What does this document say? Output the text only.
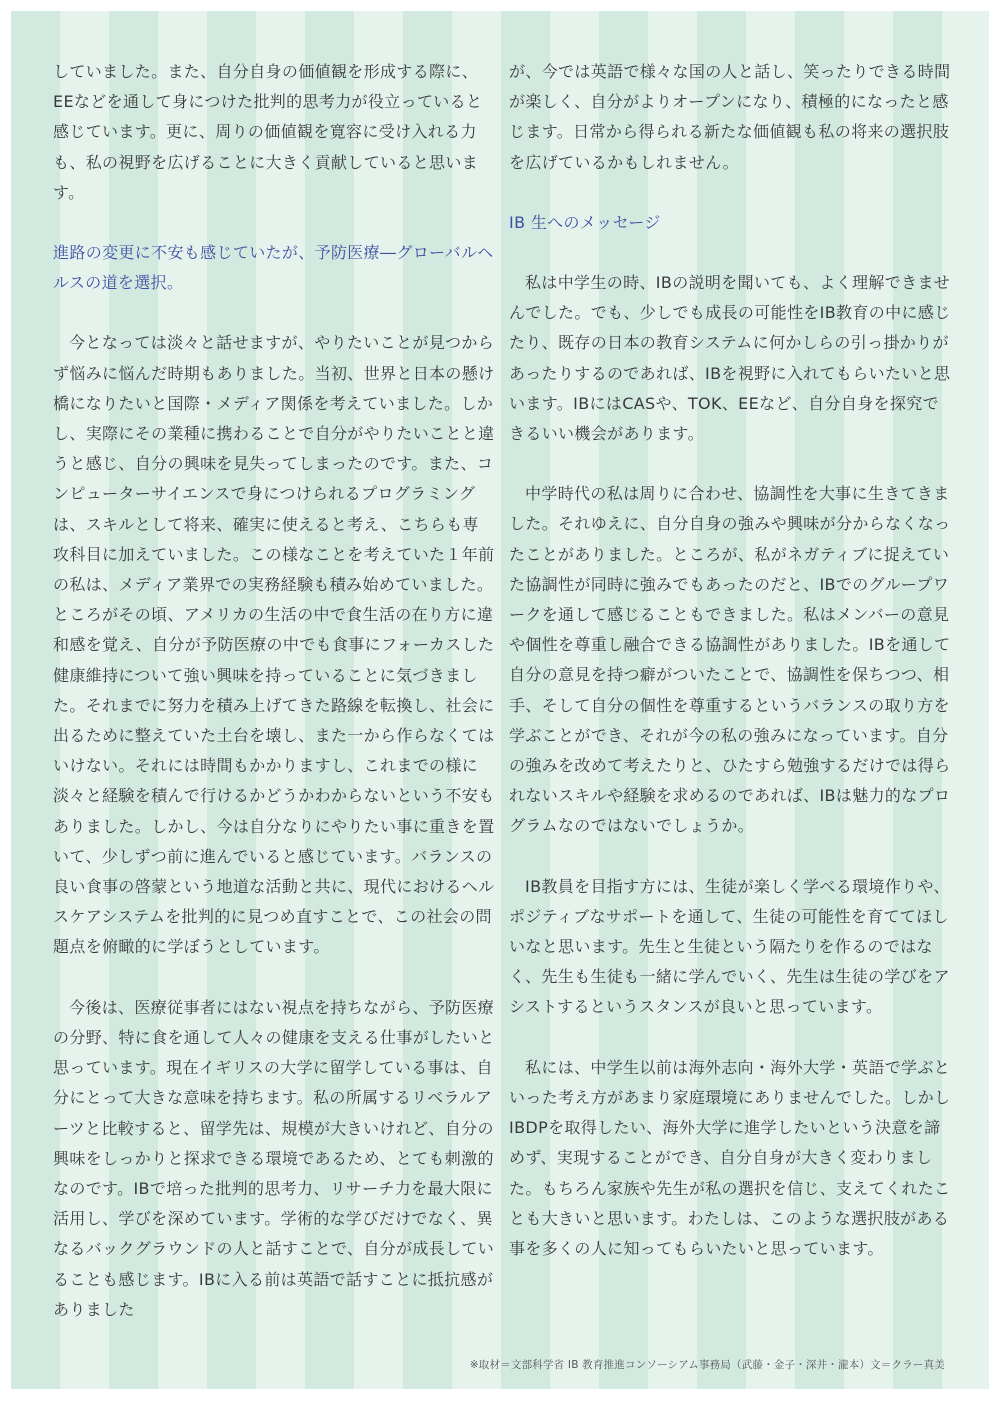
していました。また、自分自身の価値観を形成する際に、EEなどを通して身につけた批判的思考力が役立っていると感じています。更に、周りの価値観を寛容に受け入れる力も、私の視野を広げることに大きく貢献していると思います。

進路の変更に不安も感じていたが、予防医療―グローバルヘルスの道を選択。

今となっては淡々と話せますが、やりたいことが見つからず悩みに悩んだ時期もありました。当初、世界と日本の懸け橋になりたいと国際・メディア関係を考えていました。しかし、実際にその業種に携わることで自分がやりたいことと違うと感じ、自分の興味を見失ってしまったのです。また、コンピューターサイエンスで身につけられるプログラミングは、スキルとして将来、確実に使えると考え、こちらも専攻科目に加えていました。この様なことを考えていた１年前の私は、メディア業界での実務経験も積み始めていました。ところがその頃、アメリカの生活の中で食生活の在り方に違和感を覚え、自分が予防医療の中でも食事にフォーカスした健康維持について強い興味を持っていることに気づきました。それまでに努力を積み上げてきた路線を転換し、社会に出るために整えていた土台を壊し、また一から作らなくてはいけない。それには時間もかかりますし、これまでの様に淡々と経験を積んで行けるかどうかわからないという不安もありました。しかし、今は自分なりにやりたい事に重きを置いて、少しずつ前に進んでいると感じています。バランスの良い食事の啓蒙という地道な活動と共に、現代におけるヘルスケアシステムを批判的に見つめ直すことで、この社会の問題点を俯瞰的に学ぼうとしています。

今後は、医療従事者にはない視点を持ちながら、予防医療の分野、特に食を通して人々の健康を支える仕事がしたいと思っています。現在イギリスの大学に留学している事は、自分にとって大きな意味を持ちます。私の所属するリベラルアーツと比較すると、留学先は、規模が大きいけれど、自分の興味をしっかりと探求できる環境であるため、とても刺激的なのです。IBで培った批判的思考力、リサーチ力を最大限に活用し、学びを深めています。学術的な学びだけでなく、異なるバックグラウンドの人と話すことで、自分が成長していることも感じます。IBに入る前は英語で話すことに抵抗感がありました

が、今では英語で様々な国の人と話し、笑ったりできる時間が楽しく、自分がよりオープンになり、積極的になったと感じます。日常から得られる新たな価値観も私の将来の選択肢を広げているかもしれません。

IB 生へのメッセージ

私は中学生の時、IBの説明を聞いても、よく理解できませんでした。でも、少しでも成長の可能性をIB教育の中に感じたり、既存の日本の教育システムに何かしらの引っ掛かりがあったりするのであれば、IBを視野に入れてもらいたいと思います。IBにはCASや、TOK、EEなど、自分自身を探究できるいい機会があります。

中学時代の私は周りに合わせ、協調性を大事に生きてきました。それゆえに、自分自身の強みや興味が分からなくなったことがありました。ところが、私がネガティブに捉えていた協調性が同時に強みでもあったのだと、IBでのグループワークを通して感じることもできました。私はメンバーの意見や個性を尊重し融合できる協調性がありました。IBを通して自分の意見を持つ癖がついたことで、協調性を保ちつつ、相手、そして自分の個性を尊重するというバランスの取り方を学ぶことができ、それが今の私の強みになっています。自分の強みを改めて考えたりと、ひたすら勉強するだけでは得られないスキルや経験を求めるのであれば、IBは魅力的なプログラムなのではないでしょうか。

IB教員を目指す方には、生徒が楽しく学べる環境作りや、ポジティブなサポートを通して、生徒の可能性を育ててほしいなと思います。先生と生徒という隔たりを作るのではなく、先生も生徒も一緒に学んでいく、先生は生徒の学びをアシストするというスタンスが良いと思っています。

私には、中学生以前は海外志向・海外大学・英語で学ぶといった考え方があまり家庭環境にありませんでした。しかしIBDPを取得したい、海外大学に進学したいという決意を諦めず、実現することができ、自分自身が大きく変わりました。もちろん家族や先生が私の選択を信じ、支えてくれたことも大きいと思います。わたしは、このような選択肢がある事を多くの人に知ってもらいたいと思っています。

※取材＝文部科学省 IB 教育推進コンソーシアム事務局（武藤・金子・深井・瀧本）文＝クラー真美
